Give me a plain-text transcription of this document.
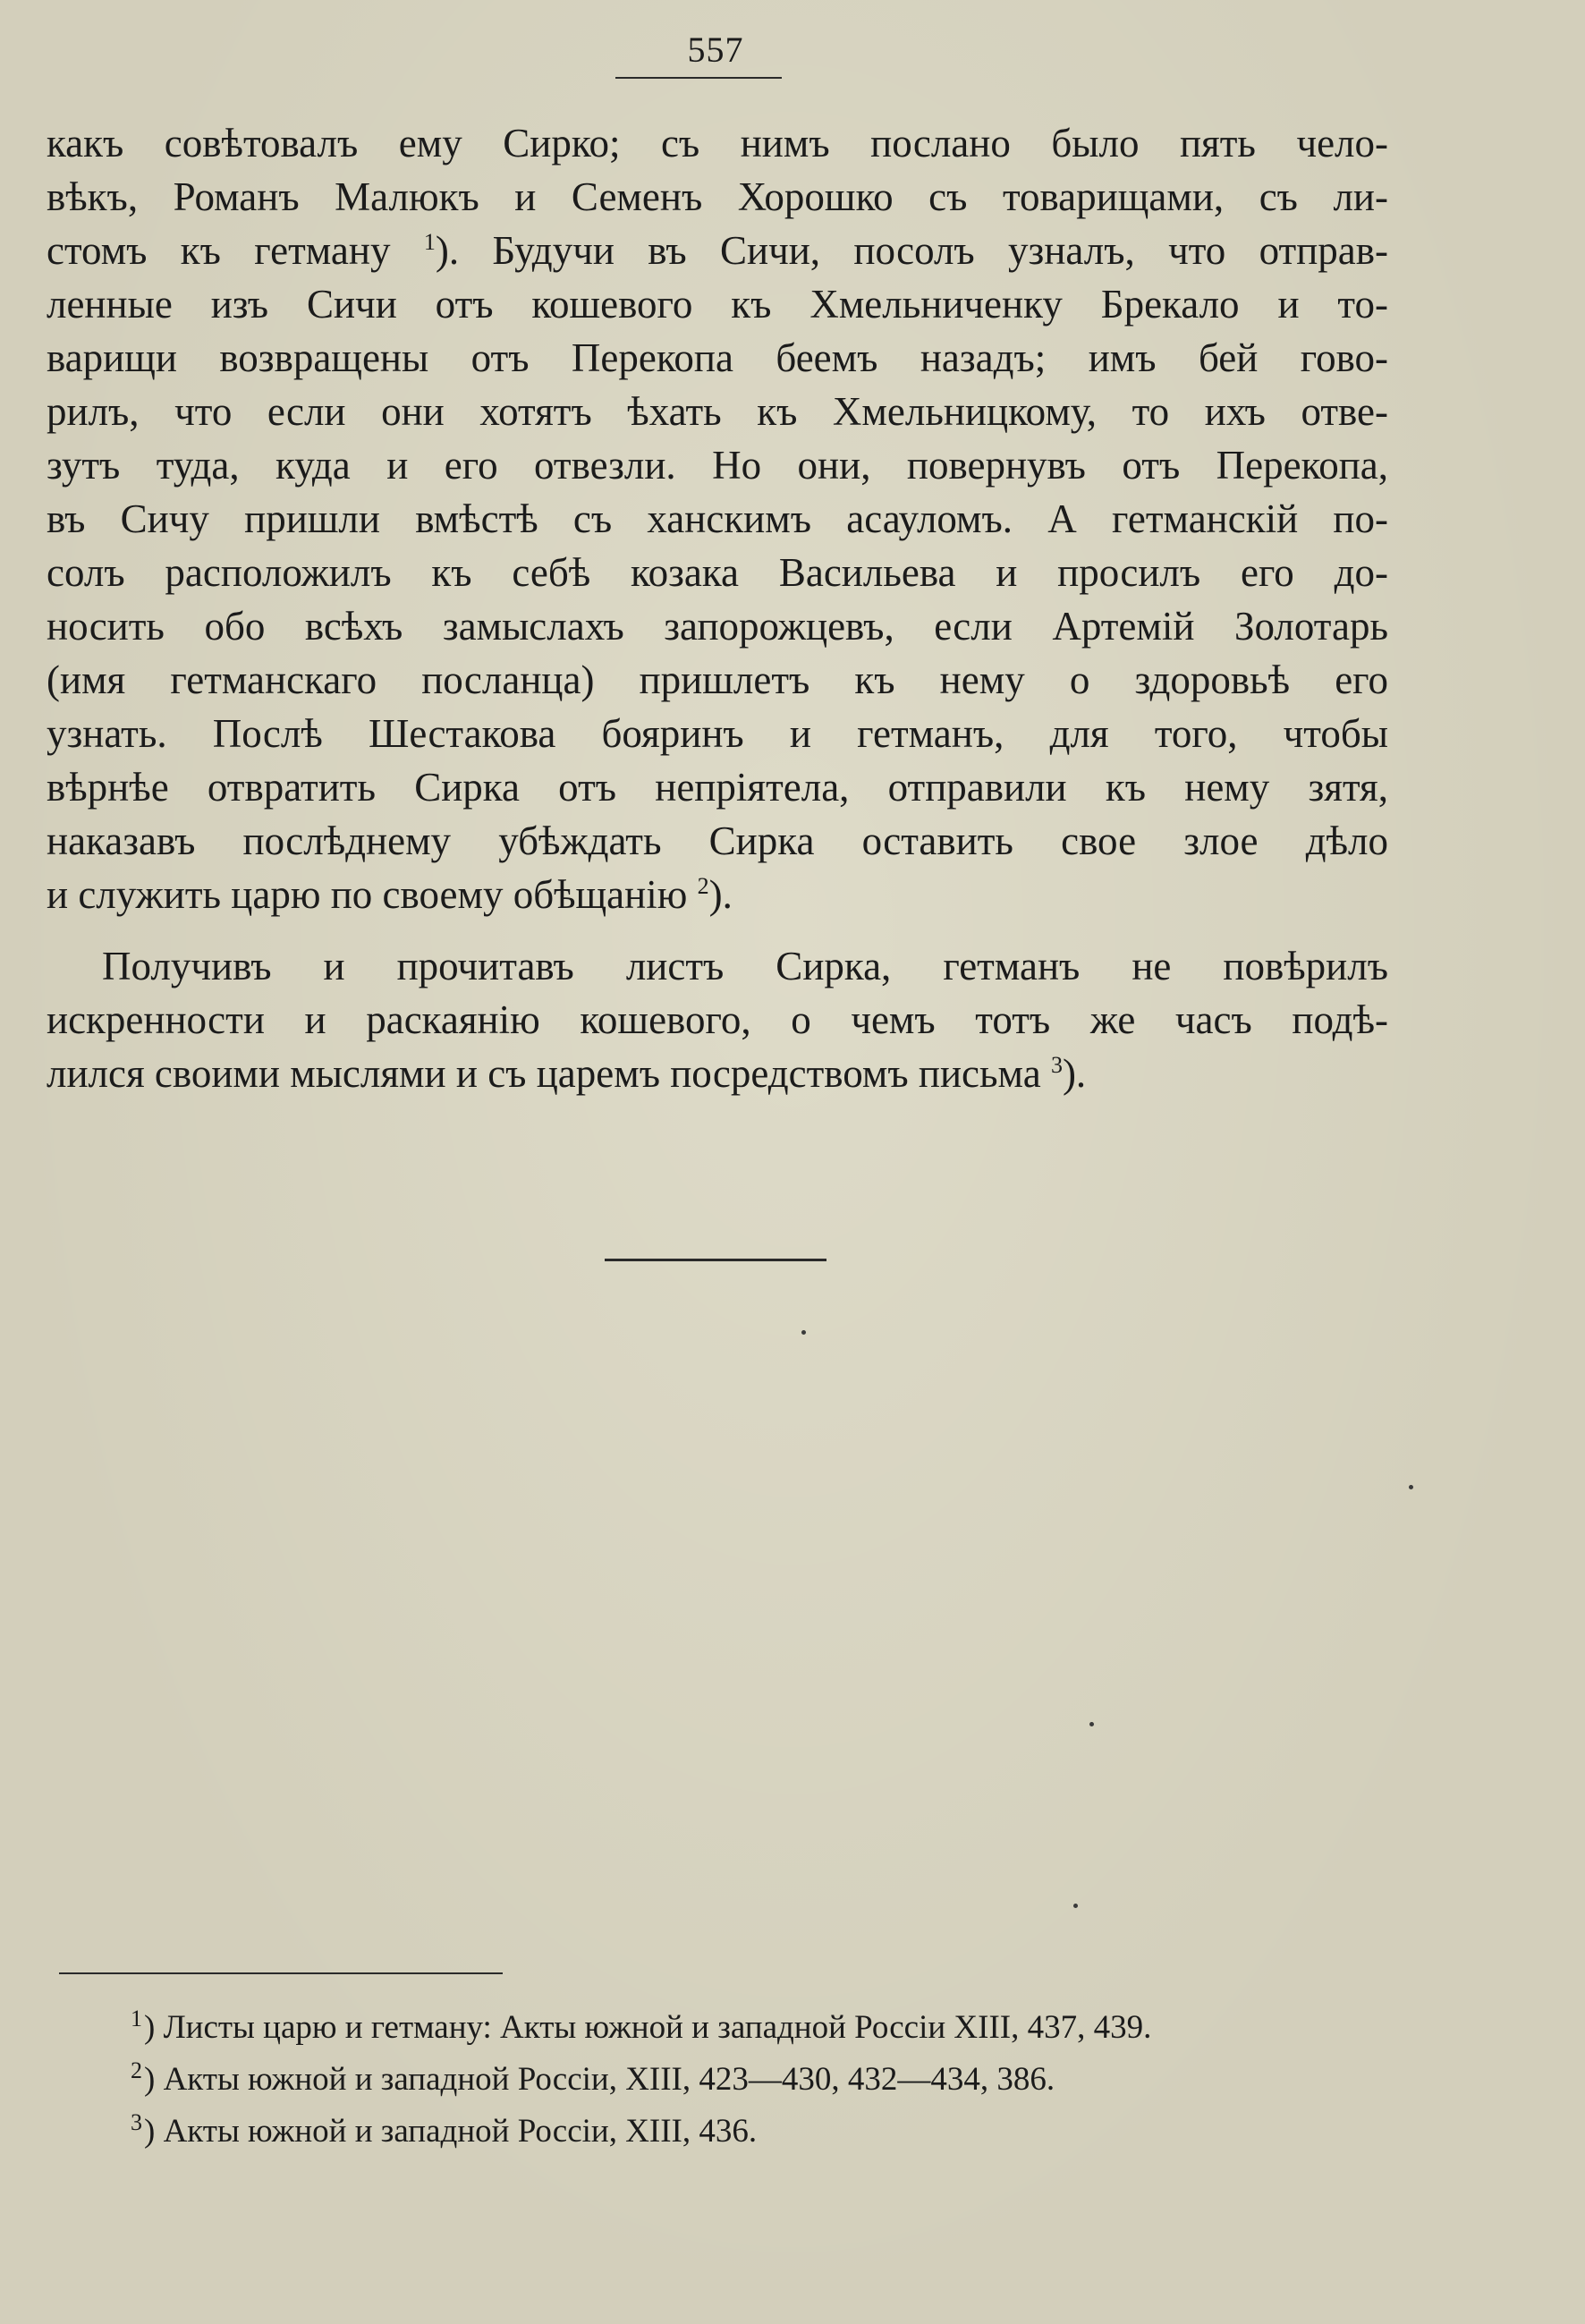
557
какъ совѣтовалъ ему Сирко; съ нимъ послано было пять чело-
вѣкъ, Романъ Малюкъ и Семенъ Хорошко съ товарищами, съ ли-
стомъ къ гетману $^1$). Будучи въ Сичи, посолъ узналъ, что отправ-
ленные изъ Сичи отъ кошевого къ Хмельниченку Брекало и то-
варищи возвращены отъ Перекопа беемъ назадъ; имъ бей гово-
рилъ, что если они хотятъ ѣхать къ Хмельницкому, то ихъ отве-
зутъ туда, куда и его отвезли. Но они, повернувъ отъ Перекопа,
въ Сичу пришли вмѣстѣ съ ханскимъ асауломъ. А гетманскій по-
солъ расположилъ къ себѣ козака Васильева и просилъ его до-
носить обо всѣхъ замыслахъ запорожцевъ, если Артемій Золотарь
(имя гетманскаго посланца) пришлетъ къ нему о здоровьѣ его
узнать. Послѣ Шестакова бояринъ и гетманъ, для того, чтобы
вѣрнѣе отвратить Сирка отъ непріятела, отправили къ нему зятя,
наказавъ послѣднему убѣждать Сирка оставить свое злое дѣло
и служить царю по своему обѣщанію $^2$).
Получивъ и прочитавъ листъ Сирка, гетманъ не повѣрилъ
искренности и раскаянію кошевого, о чемъ тотъ же часъ подѣ-
лился своими мыслями и съ царемъ посредствомъ письма $^3$).
$^1$) Листы царю и гетману: Акты южной и западной Россіи XIII, 437, 439.
$^2$) Акты южной и западной Россіи, XIII, 423—430, 432—434, 386.
$^3$) Акты южной и западной Россіи, XIII, 436.
